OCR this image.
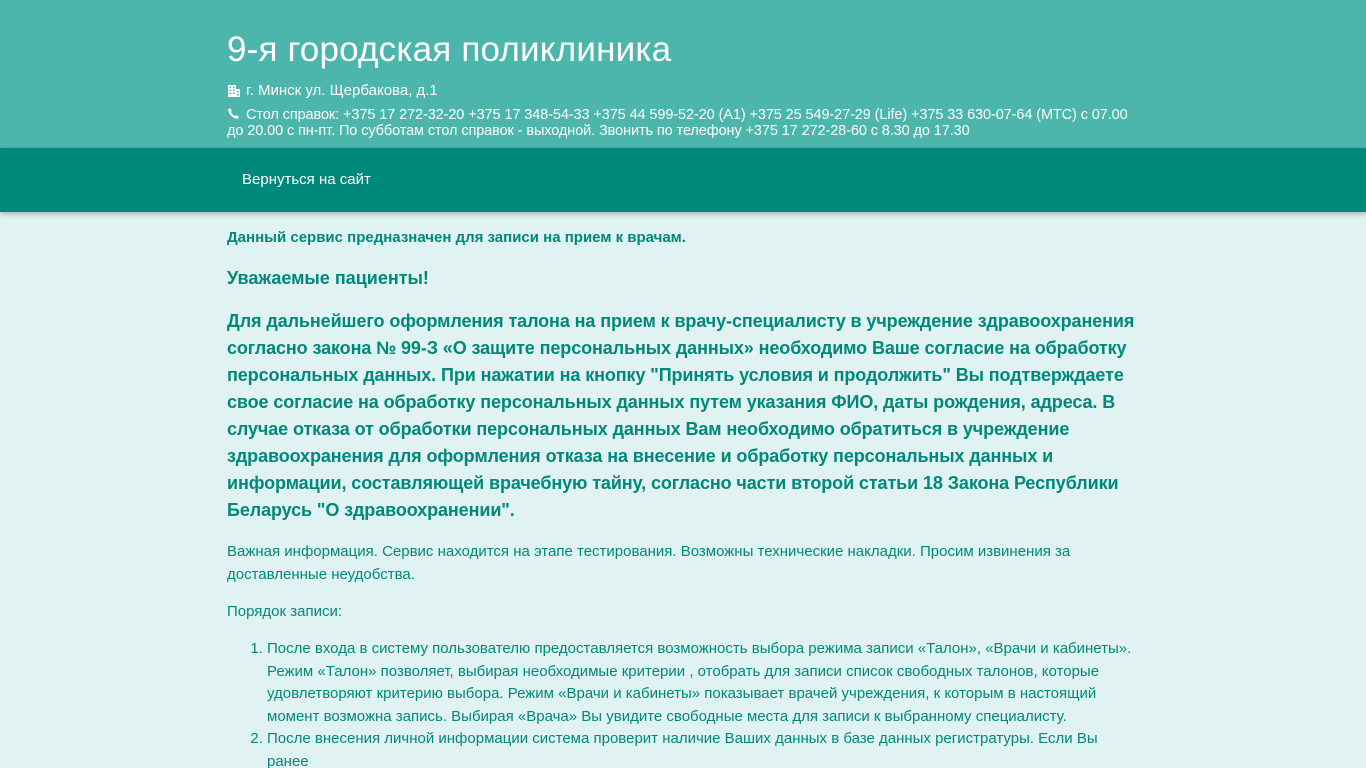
9-я городская поликлиника
г. Минск ул. Щербакова, д.1
Стол справок: +375 17 272-32-20 +375 17 348-54-33 +375 44 599-52-20 (A1) +375 25 549-27-29 (Life) +375 33 630-07-64 (МТС) с 07.00 до 20.00 с пн-пт. По субботам стол справок - выходной. Звонить по телефону +375 17 272-28-60 с 8.30 до 17.30
Вернуться на сайт
Данный сервис предназначен для записи на прием к врачам.
Уважаемые пациенты!
Для дальнейшего оформления талона на прием к врачу-специалисту в учреждение здравоохранения согласно закона № 99-З «О защите персональных данных» необходимо Ваше согласие на обработку персональных данных. При нажатии на кнопку "Принять условия и продолжить" Вы подтверждаете свое согласие на обработку персональных данных путем указания ФИО, даты рождения, адреса. В случае отказа от обработки персональных данных Вам необходимо обратиться в учреждение здравоохранения для оформления отказа на внесение и обработку персональных данных и информации, составляющей врачебную тайну, согласно части второй статьи 18 Закона Республики Беларусь "О здравоохранении".
Важная информация. Сервис находится на этапе тестирования. Возможны технические накладки. Просим извинения за доставленные неудобства.
Порядок записи:
1. После входа в систему пользователю предоставляется возможность выбора режима записи «Талон», «Врачи и кабинеты». Режим «Талон» позволяет, выбирая необходимые критерии , отобрать для записи список свободных талонов, которые удовлетворяют критерию выбора. Режим «Врачи и кабинеты» показывает врачей учреждения, к которым в настоящий момент возможна запись. Выбирая «Врача» Вы увидите свободные места для записи к выбранному специалисту.
2. После внесения личной информации система проверит наличие Ваших данных в базе данных регистратуры. Если Вы ранее
